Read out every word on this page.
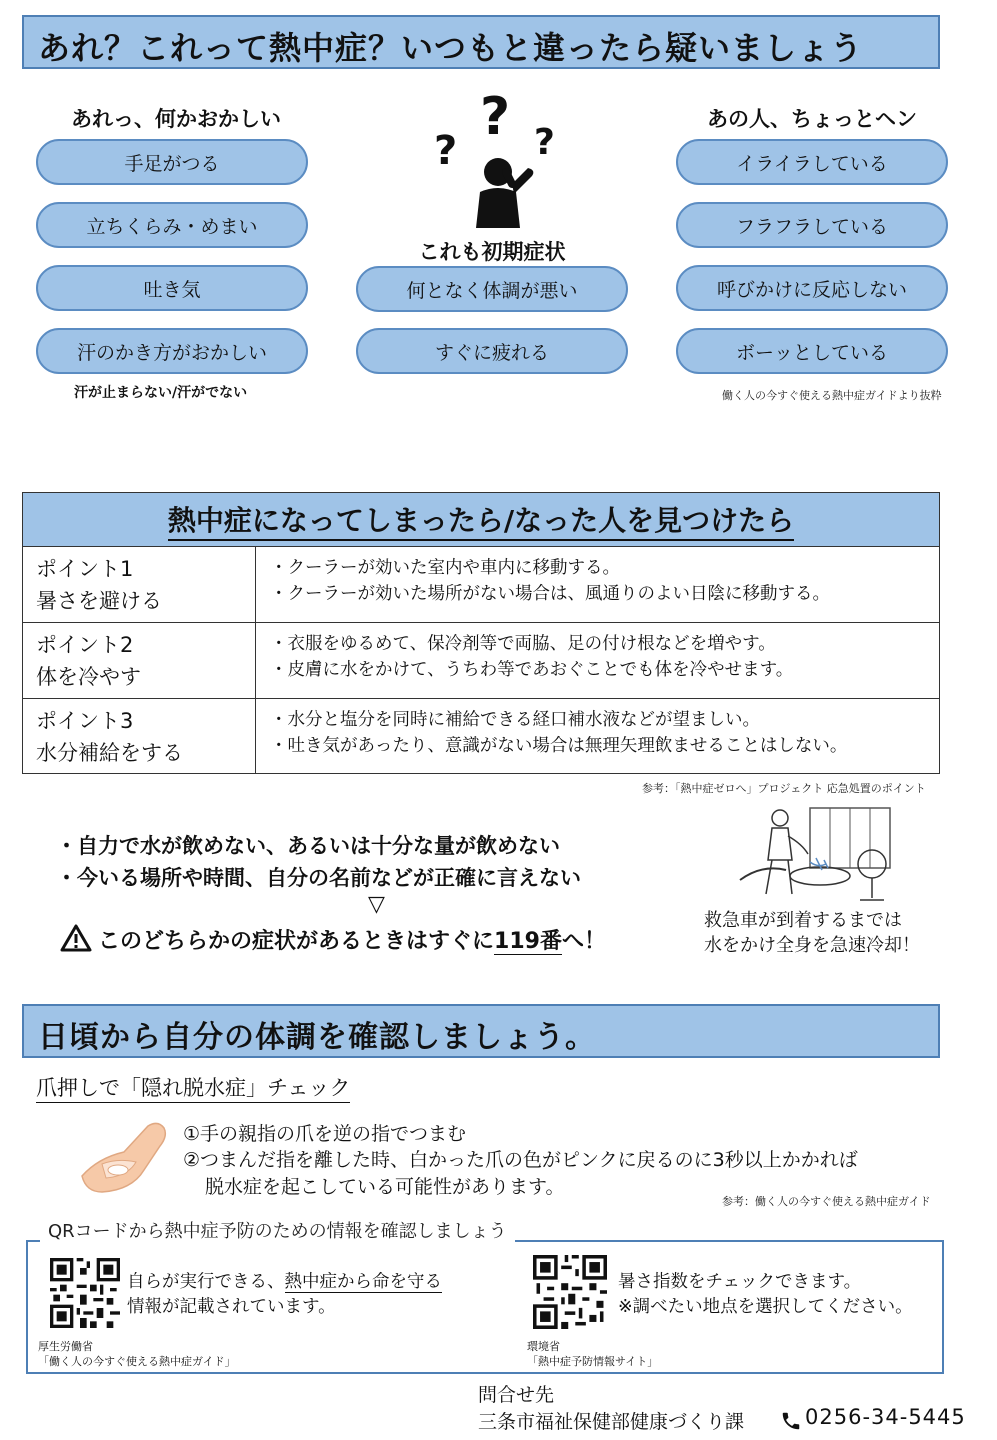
あれ？これって熱中症？いつもと違ったら疑いましょう
あれっ、何かおかしい	あの人、ちょっとヘン
?
? ?
これも初期症状
手足がつる
立ちくらみ・めまい
吐き気
汗のかき方がおかしい
汗が止まらない/汗がでない
何となく体調が悪い
すぐに疲れる
イライラしている
フラフラしている
呼びかけに反応しない
ボーッとしている
働く人の今すぐ使える熱中症ガイドより抜粋
熱中症になってしまったら/なった人を見つけたら
ポイント1
暑さを避ける
・クーラーが効いた室内や車内に移動する。
・クーラーが効いた場所がない場合は、風通りのよい日陰に移動する。
ポイント2
体を冷やす
・衣服をゆるめて、保冷剤等で両脇、足の付け根などを増やす。
・皮膚に水をかけて、うちわ等であおぐことでも体を冷やせます。
ポイント3
水分補給をする
・水分と塩分を同時に補給できる経口補水液などが望ましい。
・吐き気があったり、意識がない場合は無理矢理飲ませることはしない。
参考：「熱中症ゼロへ」プロジェクト 応急処置のポイント
・自力で水が飲めない、あるいは十分な量が飲めない
・今いる場所や時間、自分の名前などが正確に言えない
▽
このどちらかの症状があるときはすぐに119番へ！
救急車が到着するまでは
水をかけ全身を急速冷却！
日頃から自分の体調を確認しましょう。
爪押しで「隠れ脱水症」チェック
①手の親指の爪を逆の指でつまむ
②つまんだ指を離した時、白かった爪の色がピンクに戻るのに3秒以上かかれば
脱水症を起こしている可能性があります。
参考：働く人の今すぐ使える熱中症ガイド
QRコードから熱中症予防のための情報を確認しましょう
自らが実行できる、熱中症から命を守る
情報が記載されています。
厚生労働省
「働く人の今すぐ使える熱中症ガイド」
暑さ指数をチェックできます。
※調べたい地点を選択してください。
環境省
「熱中症予防情報サイト」
問合せ先
三条市福祉保健部健康づくり課	0256-34-5445
